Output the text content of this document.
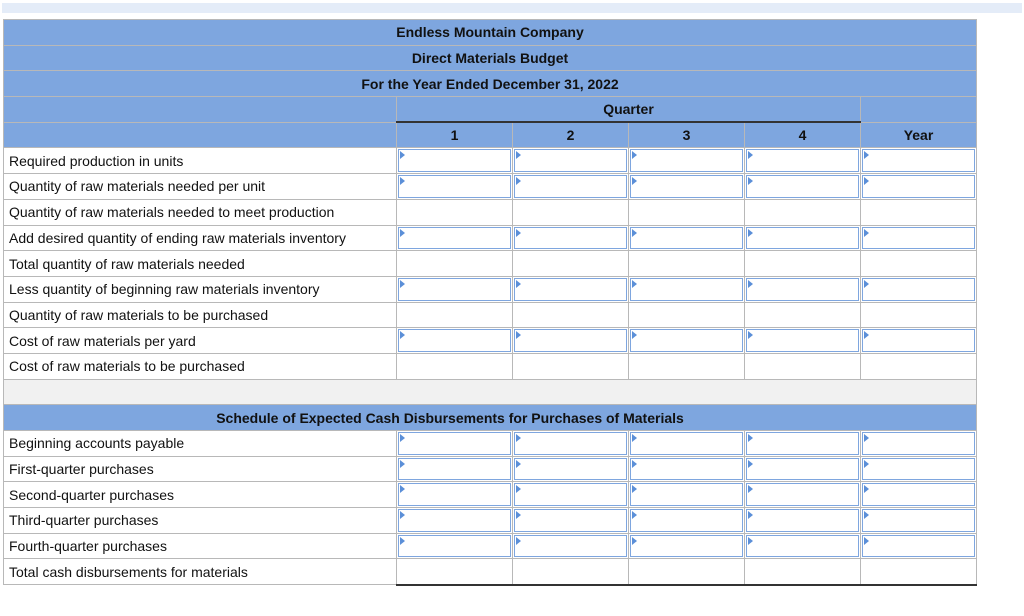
Endless Mountain Company					
Direct Materials Budget					
For the Year Ended December 31, 2022					
	Quarter				
	1	2	3	4	Year
Required production in units	

Quantity of raw materials needed per unit	

Quantity of raw materials needed to meet production					
Add desired quantity of ending raw materials inventory	

Total quantity of raw materials needed					
Less quantity of beginning raw materials inventory	

Quantity of raw materials to be purchased					
Cost of raw materials per yard	

Cost of raw materials to be purchased					

Schedule of Expected Cash Disbursements for Purchases of Materials					
Beginning accounts payable	

First-quarter purchases	

Second-quarter purchases	

Third-quarter purchases	

Fourth-quarter purchases	

Total cash disbursements for materials					
